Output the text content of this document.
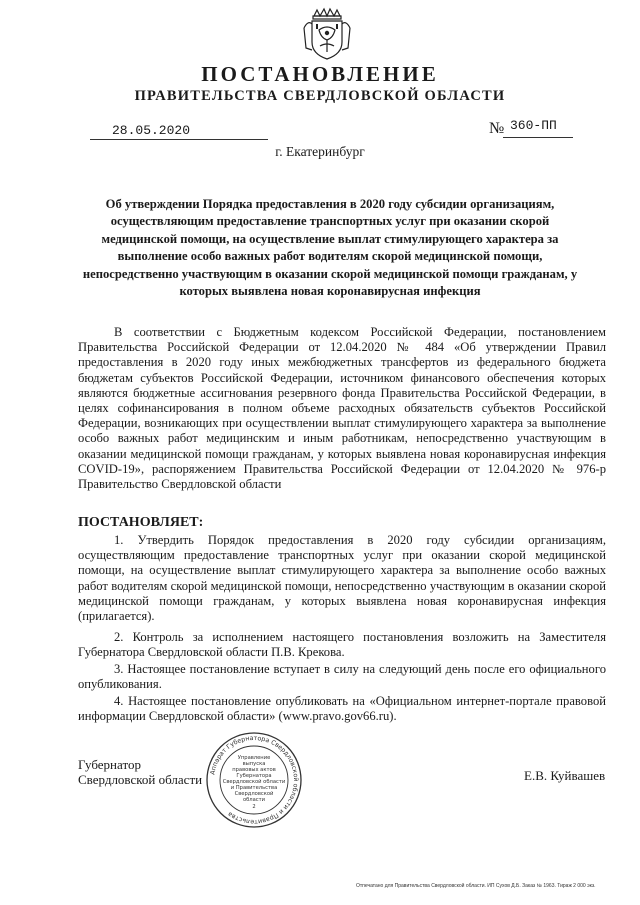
ПОСТАНОВЛЕНИЕ
ПРАВИТЕЛЬСТВА СВЕРДЛОВСКОЙ ОБЛАСТИ
28.05.2020	№ 360-ПП
г. Екатеринбург
Об утверждении Порядка предоставления в 2020 году субсидии организациям, осуществляющим предоставление транспортных услуг при оказании скорой медицинской помощи, на осуществление выплат стимулирующего характера за выполнение особо важных работ водителям скорой медицинской помощи, непосредственно участвующим в оказании скорой медицинской помощи гражданам, у которых выявлена новая коронавирусная инфекция
В соответствии с Бюджетным кодексом Российской Федерации, постановлением Правительства Российской Федерации от 12.04.2020 № 484 «Об утверждении Правил предоставления в 2020 году иных межбюджетных трансфертов из федерального бюджета бюджетам субъектов Российской Федерации, источником финансового обеспечения которых являются бюджетные ассигнования резервного фонда Правительства Российской Федерации, в целях софинансирования в полном объеме расходных обязательств субъектов Российской Федерации, возникающих при осуществлении выплат стимулирующего характера за выполнение особо важных работ медицинским и иным работникам, непосредственно участвующим в оказании медицинской помощи гражданам, у которых выявлена новая коронавирусная инфекция COVID-19», распоряжением Правительства Российской Федерации от 12.04.2020 № 976-р Правительство Свердловской области
ПОСТАНОВЛЯЕТ:
1. Утвердить Порядок предоставления в 2020 году субсидии организациям, осуществляющим предоставление транспортных услуг при оказании скорой медицинской помощи, на осуществление выплат стимулирующего характера за выполнение особо важных работ водителям скорой медицинской помощи, непосредственно участвующим в оказании скорой медицинской помощи гражданам, у которых выявлена новая коронавирусная инфекция (прилагается).
2. Контроль за исполнением настоящего постановления возложить на Заместителя Губернатора Свердловской области П.В. Крекова.
3. Настоящее постановление вступает в силу на следующий день после его официального опубликования.
4. Настоящее постановление опубликовать на «Официальном интернет-портале правовой информации Свердловской области» (www.pravo.gov66.ru).
Губернатор
Свердловской области	Е.В. Куйвашев
Аппарат Губернатора Свердловской области и Правительства
Управление
выпуска
правовых актов
Губернатора
Свердловской области
и Правительства
Свердловской
области
2
Отпечатано для Правительства Свердловской области. ИП Сухов Д.Б. Заказ № 1963. Тираж 2 000 экз.
